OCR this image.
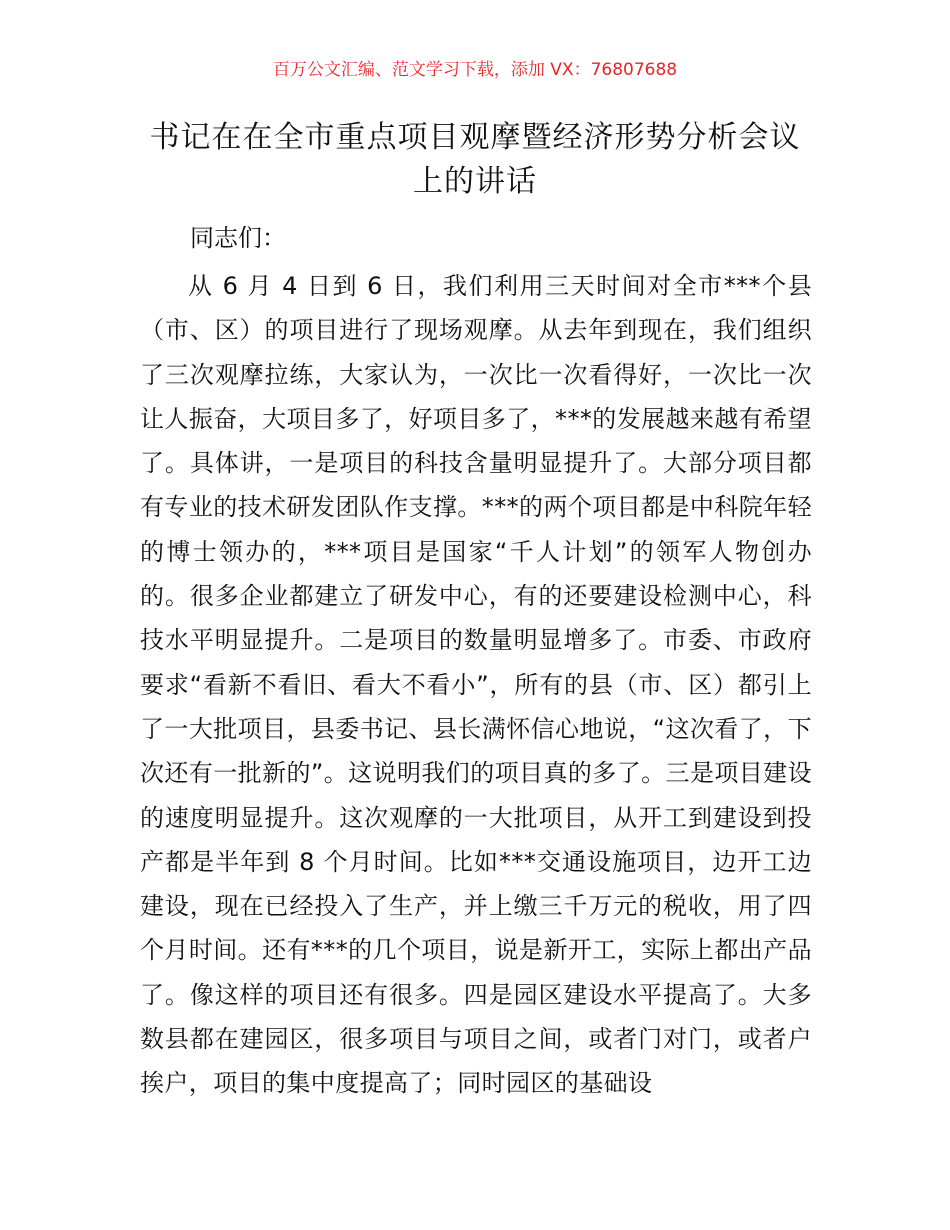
百万公文汇编、范文学习下载，添加 VX：76807688
书记在在全市重点项目观摩暨经济形势分析会议上的讲话
同志们：

从 6 月 4 日到 6 日，我们利用三天时间对全市***个县（市、区）的项目进行了现场观摩。从去年到现在，我们组织了三次观摩拉练，大家认为，一次比一次看得好，一次比一次让人振奋，大项目多了，好项目多了，***的发展越来越有希望了。具体讲，一是项目的科技含量明显提升了。大部分项目都有专业的技术研发团队作支撑。***的两个项目都是中科院年轻的博士领办的，***项目是国家“千人计划”的领军人物创办的。很多企业都建立了研发中心，有的还要建设检测中心，科技水平明显提升。二是项目的数量明显增多了。市委、市政府要求“看新不看旧、看大不看小”，所有的县（市、区）都引上了一大批项目，县委书记、县长满怀信心地说，“这次看了，下次还有一批新的”。这说明我们的项目真的多了。三是项目建设的速度明显提升。这次观摩的一大批项目，从开工到建设到投产都是半年到 8 个月时间。比如***交通设施项目，边开工边建设，现在已经投入了生产，并上缴三千万元的税收，用了四个月时间。还有***的几个项目，说是新开工，实际上都出产品了。像这样的项目还有很多。四是园区建设水平提高了。大多数县都在建园区，很多项目与项目之间，或者门对门，或者户挨户，项目的集中度提高了；同时园区的基础设
